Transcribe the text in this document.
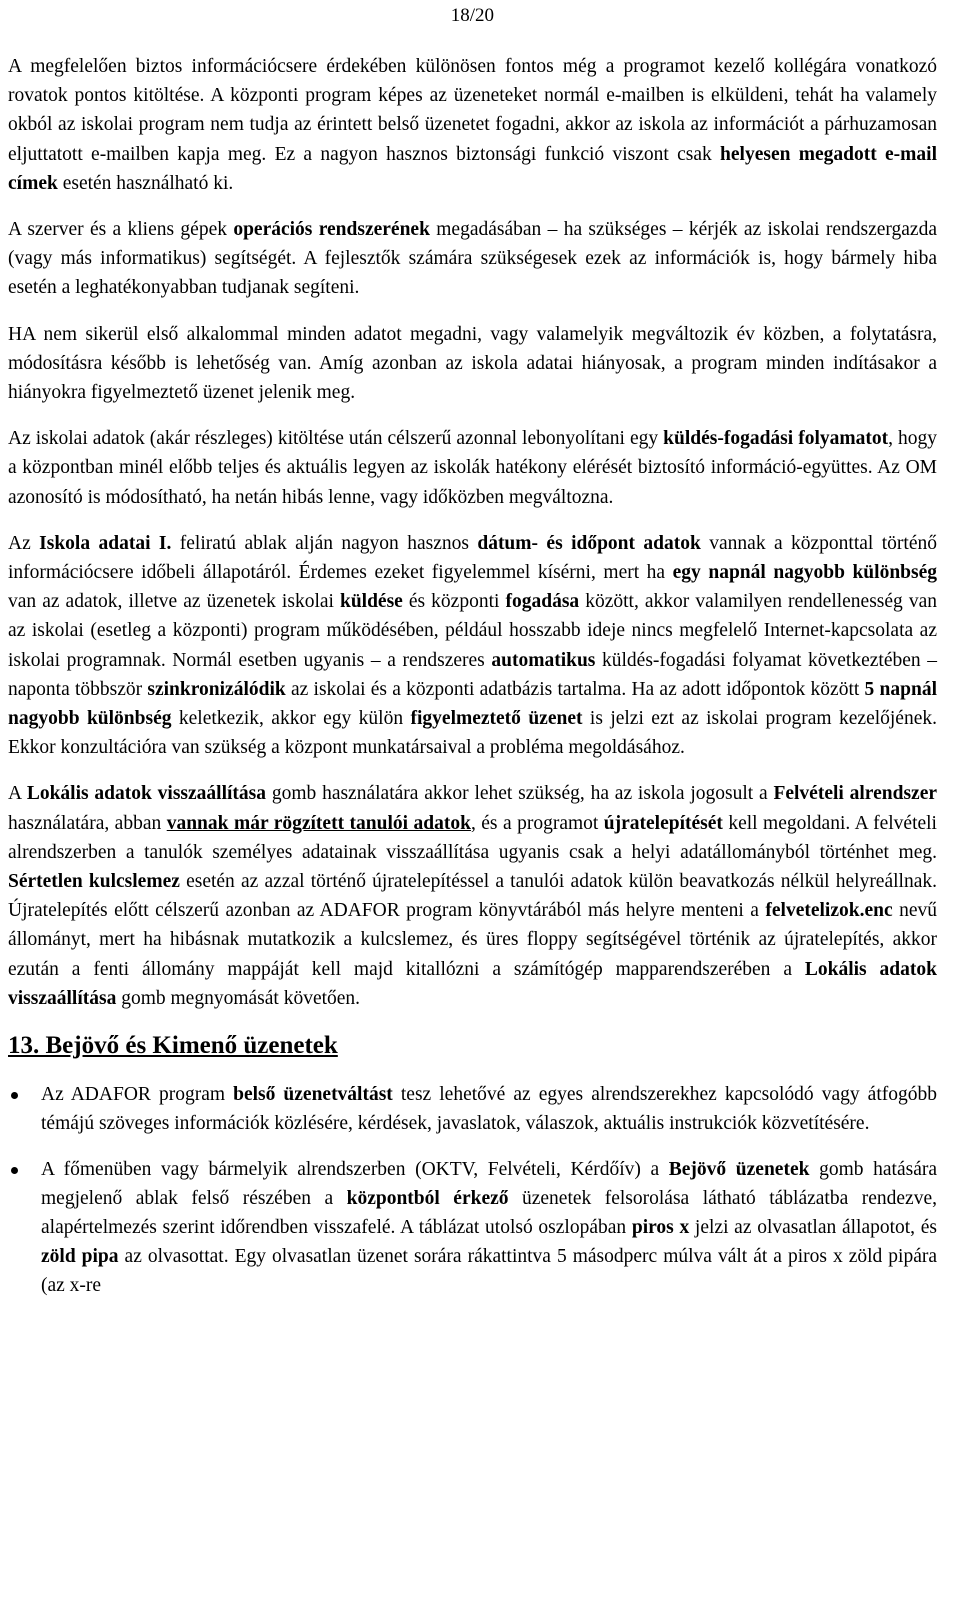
18/20

A megfelelően biztos információcsere érdekében különösen fontos még a programot kezelő kollégára vonatkozó rovatok pontos kitöltése. A központi program képes az üzeneteket normál e-mailben is elküldeni, tehát ha valamely okból az iskolai program nem tudja az érintett belső üzenetet fogadni, akkor az iskola az információt a párhuzamosan eljuttatott e-mailben kapja meg. Ez a nagyon hasznos biztonsági funkció viszont csak helyesen megadott e-mail címek esetén használható ki.

A szerver és a kliens gépek operációs rendszerének megadásában – ha szükséges – kérjék az iskolai rendszergazda (vagy más informatikus) segítségét. A fejlesztők számára szükségesek ezek az információk is, hogy bármely hiba esetén a leghatékonyabban tudjanak segíteni.

HA nem sikerül első alkalommal minden adatot megadni, vagy valamelyik megváltozik év közben, a folytatásra, módosításra később is lehetőség van. Amíg azonban az iskola adatai hiányosak, a program minden indításakor a hiányokra figyelmeztető üzenet jelenik meg.

Az iskolai adatok (akár részleges) kitöltése után célszerű azonnal lebonyolítani egy küldés-fogadási folyamatot, hogy a központban minél előbb teljes és aktuális legyen az iskolák hatékony elérését biztosító információ-együttes. Az OM azonosító is módosítható, ha netán hibás lenne, vagy időközben megváltozna.

Az Iskola adatai I. feliratú ablak alján nagyon hasznos dátum- és időpont adatok vannak a központtal történő információcsere időbeli állapotáról. Érdemes ezeket figyelemmel kísérni, mert ha egy napnál nagyobb különbség van az adatok, illetve az üzenetek iskolai küldése és központi fogadása között, akkor valamilyen rendellenesség van az iskolai (esetleg a központi) program működésében, például hosszabb ideje nincs megfelelő Internet-kapcsolata az iskolai programnak. Normál esetben ugyanis – a rendszeres automatikus küldés-fogadási folyamat következtében – naponta többször szinkronizálódik az iskolai és a központi adatbázis tartalma. Ha az adott időpontok között 5 napnál nagyobb különbség keletkezik, akkor egy külön figyelmeztető üzenet is jelzi ezt az iskolai program kezelőjének. Ekkor konzultációra van szükség a központ munkatársaival a probléma megoldásához.

A Lokális adatok visszaállítása gomb használatára akkor lehet szükség, ha az iskola jogosult a Felvételi alrendszer használatára, abban vannak már rögzített tanulói adatok, és a programot újratelepítését kell megoldani. A felvételi alrendszerben a tanulók személyes adatainak visszaállítása ugyanis csak a helyi adatállományból történhet meg. Sértetlen kulcslemez esetén az azzal történő újratelepítéssel a tanulói adatok külön beavatkozás nélkül helyreállnak. Újratelepítés előtt célszerű azonban az ADAFOR program könyvtárából más helyre menteni a felvetelizok.enc nevű állományt, mert ha hibásnak mutatkozik a kulcslemez, és üres floppy segítségével történik az újratelepítés, akkor ezután a fenti állomány mappáját kell majd kitallózni a számítógép mapparendszerében a Lokális adatok visszaállítása gomb megnyomását követően.

13. Bejövő és Kimenő üzenetek
Az ADAFOR program belső üzenetváltást tesz lehetővé az egyes alrendszerekhez kapcsolódó vagy átfogóbb témájú szöveges információk közlésére, kérdések, javaslatok, válaszok, aktuális instrukciók közvetítésére.
A főmenüben vagy bármelyik alrendszerben (OKTV, Felvételi, Kérdőív) a Bejövő üzenetek gomb hatására megjelenő ablak felső részében a központból érkező üzenetek felsorolása látható táblázatba rendezve, alapértelmezés szerint időrendben visszafelé. A táblázat utolsó oszlopában piros x jelzi az olvasatlan állapotot, és zöld pipa az olvasottat. Egy olvasatlan üzenet sorára rákattintva 5 másodperc múlva vált át a piros x zöld pipára (az x-re
